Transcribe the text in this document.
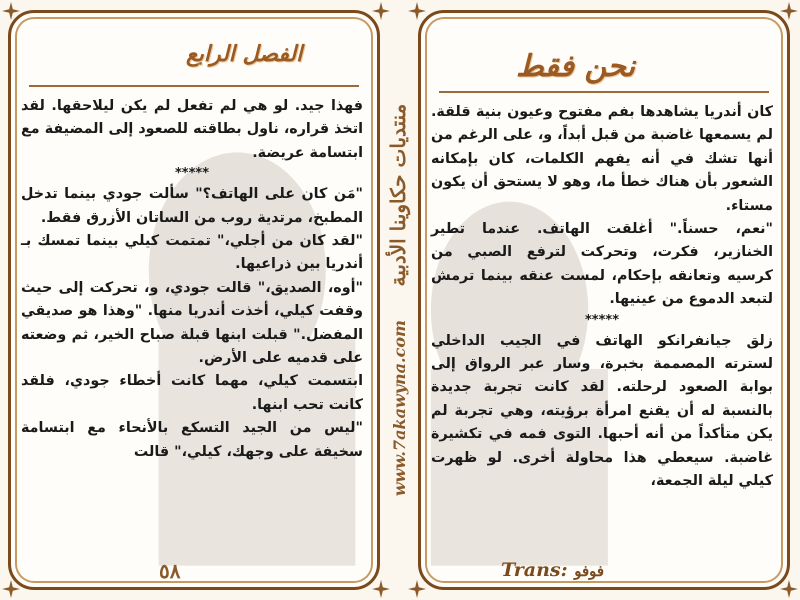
نحن فقط

كان أندريا يشاهدها بفم مفتوح وعيون بنية قلقة. لم يسمعها غاضبة من قبل أبداً، و، على الرغم من أنها تشك في أنه يفهم الكلمات، كان بإمكانه الشعور بأن هناك خطأ ما، وهو لا يستحق أن يكون مستاء.

"نعم، حسناً." أغلقت الهاتف. عندما تطير الخنازير، فكرت، وتحركت لترفع الصبي من كرسيه وتعانقه بإحكام، لمست عنقه بينما ترمش لتبعد الدموع من عينيها.

*****

زلق جيانفرانكو الهاتف في الجيب الداخلي لسترته المصممة بخبرة، وسار عبر الرواق إلى بوابة الصعود لرحلته. لقد كانت تجربة جديدة بالنسبة له أن يقنع امرأة برؤيته، وهي تجربة لم يكن متأكداً من أنه أحبها. التوى فمه في تكشيرة غاضبة. سيعطي هذا محاولة أخرى. لو ظهرت كيلي ليلة الجمعة،

Trans: فوفو
الفصل الرابع

فهذا جيد. لو هي لم تفعل لم يكن ليلاحقها. لقد اتخذ قراره، ناول بطاقته للصعود إلى المضيفة مع ابتسامة عريضة.

*****

"مَن كان على الهاتف؟" سألت جودي بينما تدخل المطبخ، مرتدية روب من الساتان الأزرق فقط.

"لقد كان من أجلي،" تمتمت كيلي بينما تمسك بـ أندريا بين ذراعيها.

"أوه، الصديق،" قالت جودي، و، تحركت إلى حيث وقفت كيلي، أخذت أندريا منها. "وهذا هو صديقي المفضل." قبلت ابنها قبلة صباح الخير، ثم وضعته على قدميه على الأرض.

ابتسمت كيلي، مهما كانت أخطاء جودي، فلقد كانت تحب ابنها.

"ليس من الجيد التسكع بالأنحاء مع ابتسامة سخيفة على وجهك، كيلي،" قالت

٥٨
www.7akawyna.com منتديات حكاوينا الأدبية
